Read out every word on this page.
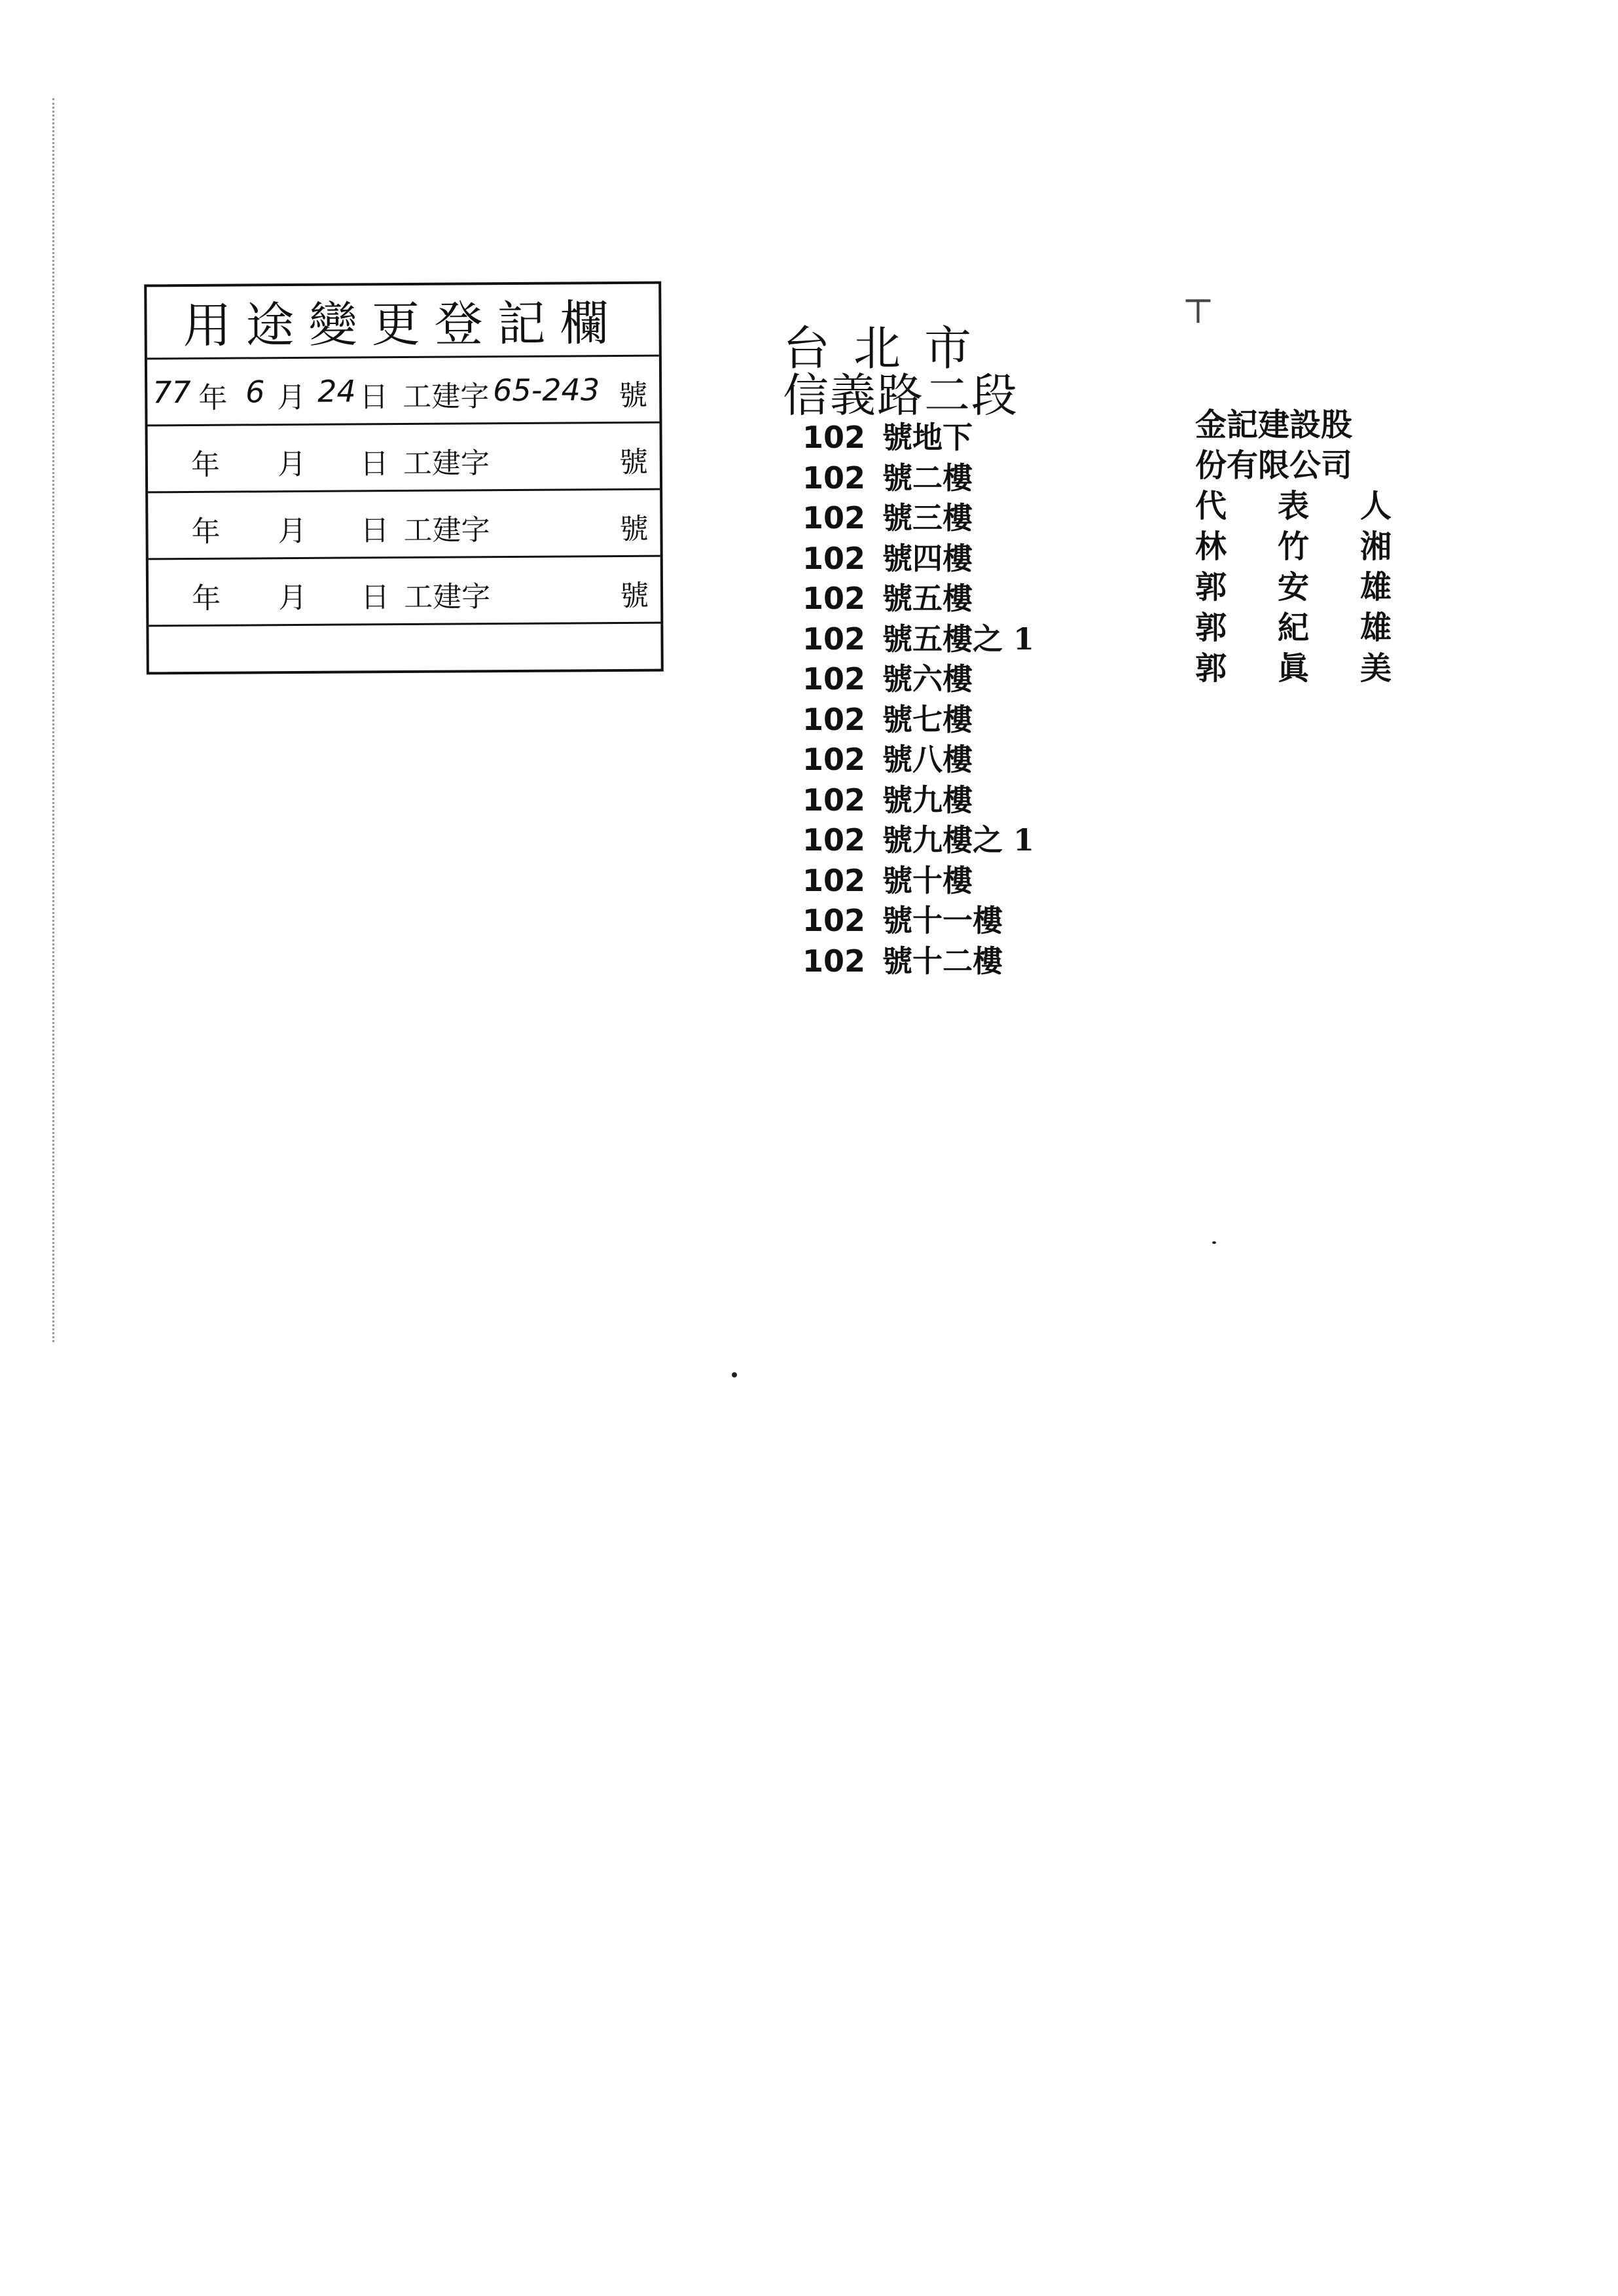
⊤
用途變更登記欄
77 年 6 月 24 日 工建字 65-243 號
年 月 日 工建字	號
年 月 日 工建字	號
年 月 日 工建字	號
台北市
信義路二段
102 號地下
102 號二樓
102 號三樓
102 號四樓
102 號五樓
102 號五樓之 1
102 號六樓
102 號七樓
102 號八樓
102 號九樓
102 號九樓之 1
102 號十樓
102 號十一樓
102 號十二樓
金記建設股
份有限公司
代 表 人
林 竹 湘
郭 安 雄
郭 紀 雄
郭 眞 美
